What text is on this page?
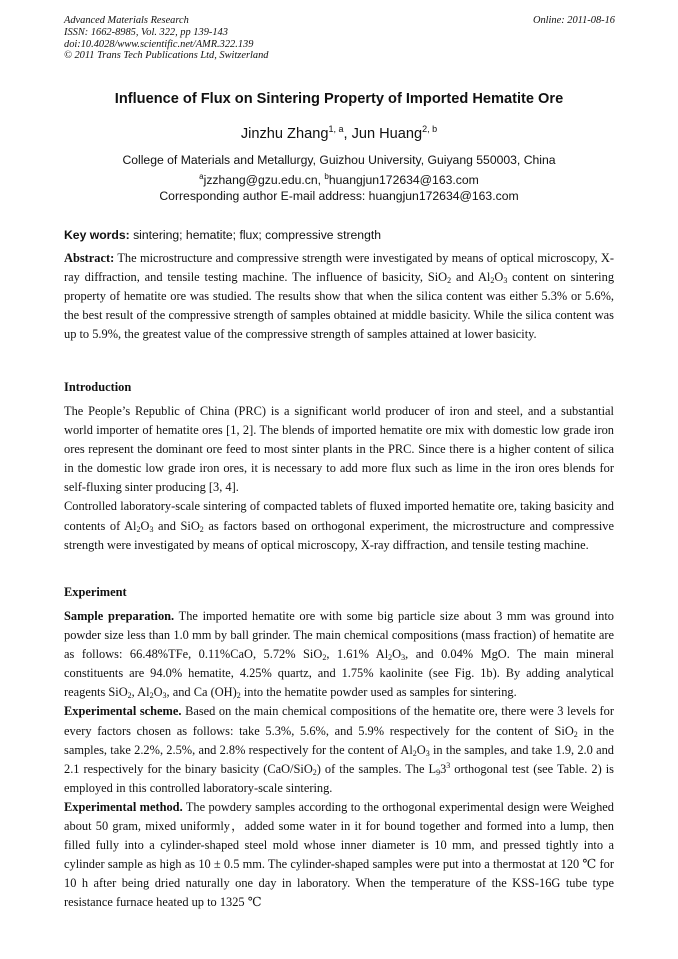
Advanced Materials Research
ISSN: 1662-8985, Vol. 322, pp 139-143
doi:10.4028/www.scientific.net/AMR.322.139
© 2011 Trans Tech Publications Ltd, Switzerland
Online: 2011-08-16
Influence of Flux on Sintering Property of Imported Hematite Ore
Jinzhu Zhang$^{1, a}$, Jun Huang$^{2, b}$
College of Materials and Metallurgy, Guizhou University, Guiyang 550003, China
$^a$jzzhang@gzu.edu.cn, $^b$huangjun172634@163.com
Corresponding author E-mail address: huangjun172634@163.com
Key words: sintering; hematite; flux; compressive strength

Abstract: The microstructure and compressive strength were investigated by means of optical microscopy, X-ray diffraction, and tensile testing machine. The influence of basicity, SiO$_2$ and $Al_2O_3$ content on sintering property of hematite ore was studied. The results show that when the silica content was either 5.3% or 5.6%, the best result of the compressive strength of samples obtained at middle basicity. While the silica content was up to 5.9%, the greatest value of the compressive strength of samples attained at lower basicity.

Introduction

The People’s Republic of China (PRC) is a significant world producer of iron and steel, and a substantial world importer of hematite ores [1, 2]. The blends of imported hematite ore mix with domestic low grade iron ores represent the dominant ore feed to most sinter plants in the PRC. Since there is a higher content of silica in the domestic low grade iron ores, it is necessary to add more flux such as lime in the iron ores blends for self-fluxing sinter producing [3, 4].

Controlled laboratory-scale sintering of compacted tablets of fluxed imported hematite ore, taking basicity and contents of $Al_2O_3$ and SiO$_2$ as factors based on orthogonal experiment, the microstructure and compressive strength were investigated by means of optical microscopy, X-ray diffraction, and tensile testing machine.

Experiment

Sample preparation. The imported hematite ore with some big particle size about 3 mm was ground into powder size less than 1.0 mm by ball grinder. The main chemical compositions (mass fraction) of hematite are as follows: 66.48%TFe, 0.11%CaO, 5.72% SiO$_2$, 1.61% $Al_2O_3$, and 0.04% MgO. The main mineral constituents are 94.0% hematite, 4.25% quartz, and 1.75% kaolinite (see Fig. 1b). By adding analytical reagents SiO$_2$, $Al_2O_3$, and Ca $(OH)_2$ into the hematite powder used as samples for sintering.

Experimental scheme. Based on the main chemical compositions of the hematite ore, there were 3 levels for every factors chosen as follows: take 5.3%, 5.6%, and 5.9% respectively for the content of SiO$_2$ in the samples, take 2.2%, 2.5%, and 2.8% respectively for the content of $Al_2O_3$ in the samples, and take 1.9, 2.0 and 2.1 respectively for the binary basicity (CaO/SiO$_2$) of the samples. The $L_93^3$ orthogonal test (see Table. 2) is employed in this controlled laboratory-scale sintering.

Experimental method. The powdery samples according to the orthogonal experimental design were Weighed about 50 gram, mixed uniformly，added some water in it for bound together and formed into a lump, then filled fully into a cylinder-shaped steel mold whose inner diameter is 10 mm, and pressed tightly into a cylinder sample as high as 10 ± 0.5 mm. The cylinder-shaped samples were put into a thermostat at 120 ℃ for 10 h after being dried naturally one day in laboratory. When the temperature of the KSS-16G tube type resistance furnace heated up to 1325 ℃
